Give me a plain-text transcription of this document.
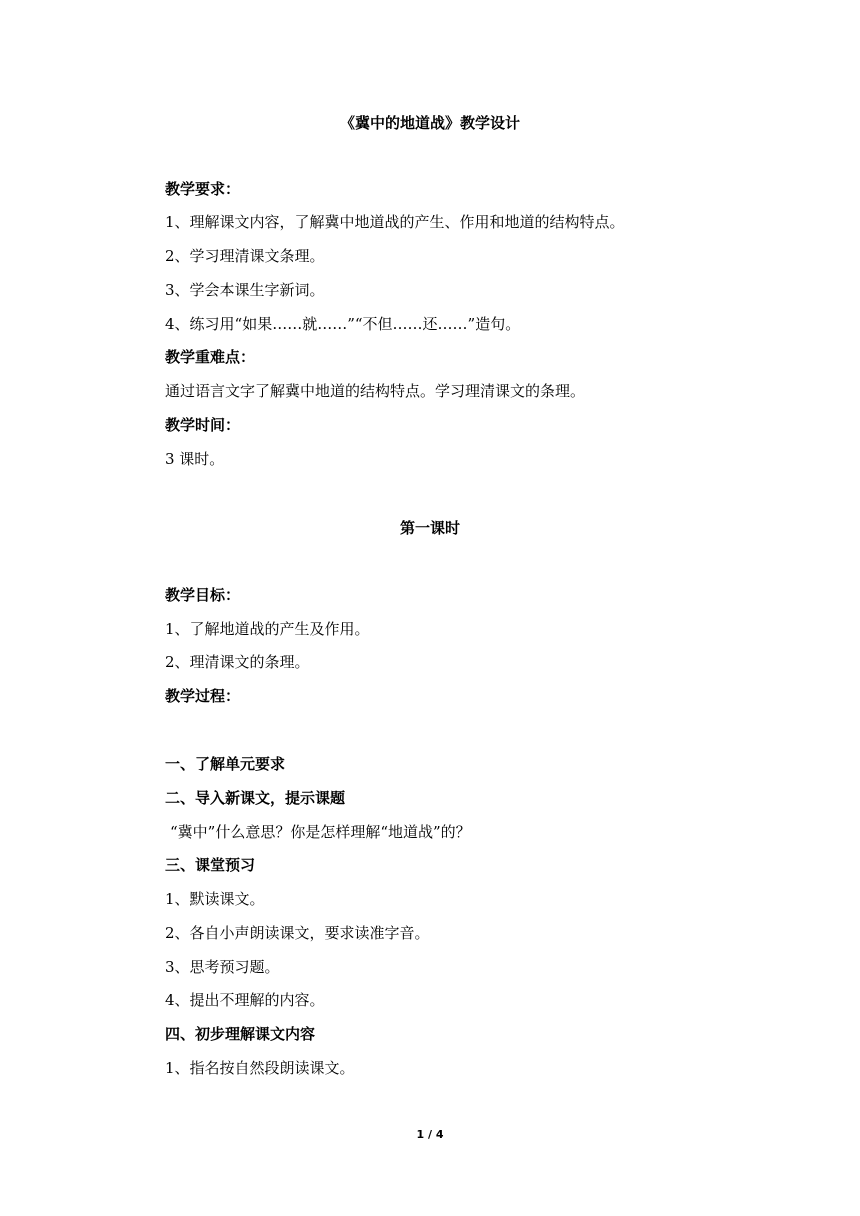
《冀中的地道战》教学设计
教学要求：
1、理解课文内容，了解冀中地道战的产生、作用和地道的结构特点。
2、学习理清课文条理。
3、学会本课生字新词。
4、练习用“如果……就……”“不但……还……”造句。
教学重难点：
通过语言文字了解冀中地道的结构特点。学习理清课文的条理。
教学时间：
3 课时。
第一课时
教学目标：
1、了解地道战的产生及作用。
2、理清课文的条理。
教学过程：
一、了解单元要求
二、导入新课文，提示课题
“冀中”什么意思？你是怎样理解“地道战”的？
三、课堂预习
1、默读课文。
2、各自小声朗读课文，要求读准字音。
3、思考预习题。
4、提出不理解的内容。
四、初步理解课文内容
1、指名按自然段朗读课文。
1 / 4
